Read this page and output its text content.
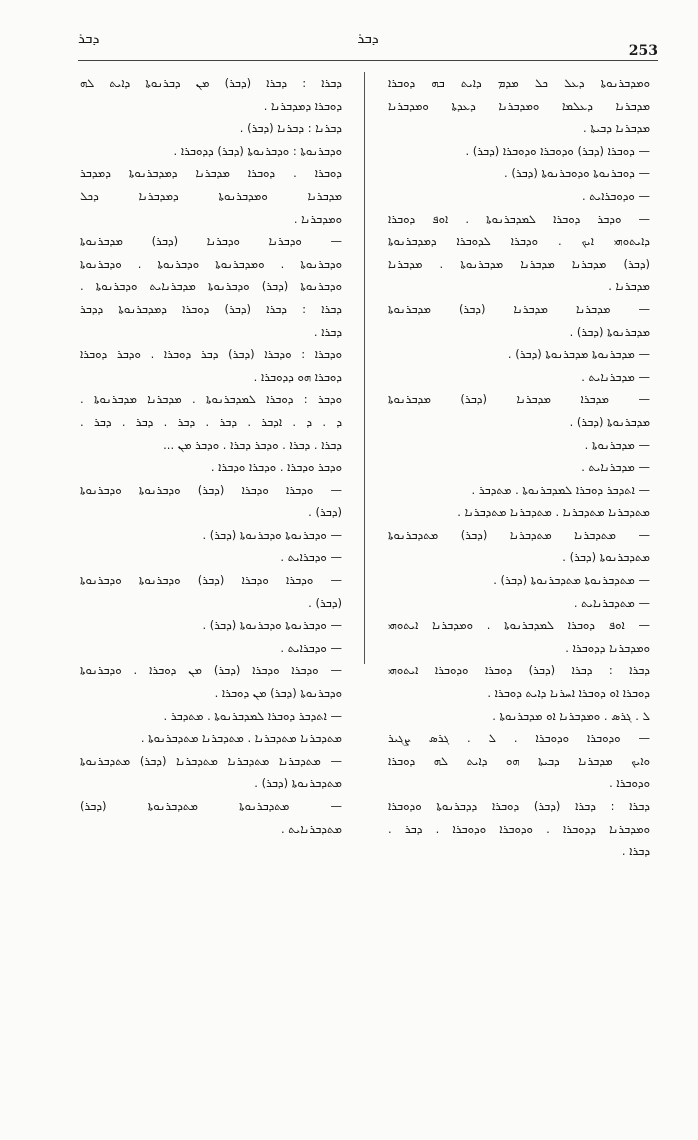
ܕܒܪ	ܕܒܪ
253
ܘܡܕܒܪܢܘܬܐ ܕܥܠ ܟܠ ܡܕܡ ܕܐܝܬ ܒܗ ܕܘܒܪܐ
ܡܕܒܪܢܐ ܕܥܠܡܐ ܘܡܕܒܪܢܐ ܕܥܕܬܐ ܘܡܕܒܪܢܐ
ܡܕܒܪܢܐ ܕܒܝܬܐ .
— ܕܘܒܪܐ (ܕܒܪ) ܘܕܘܒܪܐ ܘܕܘܒܪܐ (ܕܒܪ) .
— ܕܘܒܪܢܘܬܐ ܘܕܘܒܪܢܘܬܐ (ܕܒܪ) .
— ܘܕܘܒܪܐܝܬ .
— ܘܕܒܪ ܕܘܒܪܐ ܠܡܕܒܪܢܘܬܐ . ܐܘܦ ܕܘܒܪܐ
ܕܐܝܬܘܗܝ ܐܝܟ . ܘܕܒܪܐ ܠܕܘܒܪܐ ܕܡܕܒܪܢܘܬܐ
(ܕܒܪ) ܡܕܒܪܢܐ ܡܕܒܪܢܐ ܡܕܒܪܢܘܬܐ . ܡܕܒܪܢܐ
ܡܕܒܪܢܐ .
— ܡܕܒܪܢܐ ܡܕܒܪܢܐ (ܕܒܪ) ܡܕܒܪܢܘܬܐ
ܡܕܒܪܢܘܬܐ (ܕܒܪ) .
— ܡܕܒܪܢܘܬܐ ܡܕܒܪܢܘܬܐ (ܕܒܪ) .
— ܡܕܒܪܢܐܝܬ .
— ܡܕܒܪܐ ܡܕܒܪܢܐ (ܕܒܪ) ܡܕܒܪܢܘܬܐ
ܡܕܒܪܢܘܬܐ (ܕܒܪ) .
— ܡܕܒܪܢܘܬܐ .
— ܡܕܒܪܢܐܝܬ .
— ܐܬܕܒܪ ܕܘܒܪܐ ܠܡܕܒܪܢܘܬܐ . ܡܬܕܒܪ .
ܡܬܕܒܪܢܐ ܡܬܕܒܪܢܐ . ܡܬܕܒܪܢܐ ܡܬܕܒܪܢܐ .
— ܡܬܕܒܪܢܐ ܡܬܕܒܪܢܐ (ܕܒܪ) ܡܬܕܒܪܢܘܬܐ
ܡܬܕܒܪܢܘܬܐ (ܕܒܪ) .
— ܡܬܕܒܪܢܘܬܐ ܡܬܕܒܪܢܘܬܐ (ܕܒܪ) .
— ܡܬܕܒܪܢܐܝܬ .
— ܐܘܦ ܕܘܒܪܐ ܠܡܕܒܪܢܘܬܐ . ܘܡܕܒܪܢܐ ܐܝܬܘܗܝ
ܘܡܕܒܪܢܐ ܕܕܘܒܪܐ .
ܕܒܪܐ : ܕܒܪܐ (ܕܒܪ) ܕܘܒܪܐ ܘܕܘܒܪܐ ܐܝܬܘܗܝ
ܕܘܒܪܐ ܐܘ ܕܘܒܪܐ ܐܚܪܢܐ ܕܐܝܬ ܕܘܒܪܐ .
ܠ . ܓܪܣ . ܘܡܕܒܪܢܐ ܐܘ ܡܕܒܪܢܘܬܐ .
— ܘܕܘܒܪܐ ܘܕܘܒܪܐ . ܠ . ܓܪܣ ܨܓܝܪ
ܘܐܝܟ ܡܕܒܪܢܐ ܕܒܝܬܐ ܗܘ ܕܐܝܬ ܠܗ ܕܘܒܪܐ
ܘܕܘܒܪܐ .
ܕܒܪܐ : ܕܒܪܐ (ܕܒܪ) ܕܘܒܪܐ ܕܕܒܪܢܘܬܐ ܘܕܘܒܪܐ
ܘܡܕܒܪܢܐ ܕܕܘܒܪܐ . ܘܕܘܒܪܐ ܘܕܘܒܪܐ . ܕܒܪ .
ܕܒܪܐ .
ܕܒܪܐ : ܕܒܪܐ (ܕܒܪ) ܡܢ ܕܒܪܢܘܬܐ ܕܐܝܬ ܠܗ
ܕܘܒܪܐ ܕܡܕܒܪܢܐ .
ܕܒܪܢܐ : ܕܒܪܢܐ (ܕܒܪ) .
ܘܕܒܪܢܘܬܐ : ܘܕܒܪܢܘܬܐ (ܕܒܪ) ܕܕܘܒܪܐ .
ܕܘܒܪܐ . ܕܘܒܪܐ ܡܕܒܪܢܐ ܕܡܕܒܪܢܘܬܐ ܕܡܕܒܪ
ܡܕܒܪܢܐ ܘܡܕܒܪܢܘܬܐ ܕܡܕܒܪܢܐ ܕܟܠ
ܘܡܕܒܪܢܐ .
— ܘܕܒܪܢܐ ܘܕܒܪܢܐ (ܕܒܪ) ܡܕܒܪܢܘܬܐ
ܘܕܒܪܢܘܬܐ . ܘܡܕܒܪܢܘܬܐ ܘܕܒܪܢܘܬܐ . ܘܕܒܪܢܘܬܐ
ܘܕܒܪܢܘܬܐ (ܕܒܪ) ܘܕܒܪܢܘܬܐ ܡܕܒܪܢܐܝܬ ܘܕܒܪܢܘܬܐ .
ܕܒܪܐ : ܕܒܪܐ (ܕܒܪ) ܕܘܒܪܐ ܕܡܕܒܪܢܘܬܐ ܕܕܒܪ
ܕܒܪܐ .
ܘܕܒܪܐ : ܘܕܒܪܐ (ܕܒܪ) ܕܒܪ ܕܘܒܪܐ . ܘܕܒܪ ܕܘܒܪܐ
ܕܘܒܪܐ ܗܘ ܕܕܘܒܪܐ .
ܘܕܒܪ : ܕܘܒܪܐ ܠܡܕܒܪܢܘܬܐ . ܡܕܒܪܢܐ ܡܕܒܪܢܘܬܐ .
ܕ . ܕ . ܐܕܒܪ . ܕܒܪ . ܕܒܪ . ܕܒܪ . ܕܒܪ .
ܕܒܪܐ . ܕܒܪܐ . ܘܕܒܪ ܕܒܪܐ . ܘܕܒܪ ܡܢ ...
ܘܕܒܪ ܘܕܒܪܐ . ܘܕܒܪܐ ܘܕܒܪܐ .
— ܘܕܒܪܐ ܘܕܒܪܐ (ܕܒܪ) ܘܕܒܪܢܘܬܐ ܘܕܒܪܢܘܬܐ
(ܕܒܪ) .
— ܘܕܒܪܢܘܬܐ ܘܕܒܪܢܘܬܐ (ܕܒܪ) .
— ܘܕܒܪܐܝܬ .
— ܘܕܒܪܐ ܘܕܒܪܐ (ܕܒܪ) ܘܕܒܪܢܘܬܐ ܘܕܒܪܢܘܬܐ
(ܕܒܪ) .
— ܘܕܒܪܢܘܬܐ ܘܕܒܪܢܘܬܐ (ܕܒܪ) .
— ܘܕܒܪܐܝܬ .
— ܘܕܒܪܐ ܘܕܒܪܐ (ܕܒܪ) ܡܢ ܕܘܒܪܐ . ܘܕܒܪܢܘܬܐ
ܘܕܒܪܢܘܬܐ (ܕܒܪ) ܡܢ ܕܘܒܪܐ .
— ܐܬܕܒܪ ܕܘܒܪܐ ܠܡܕܒܪܢܘܬܐ . ܡܬܕܒܪ .
ܡܬܕܒܪܢܐ ܡܬܕܒܪܢܐ . ܡܬܕܒܪܢܐ ܡܬܕܒܪܢܘܬܐ .
— ܡܬܕܒܪܢܐ ܡܬܕܒܪܢܐ ܡܬܕܒܪܢܐ (ܕܒܪ) ܡܬܕܒܪܢܘܬܐ
ܡܬܕܒܪܢܘܬܐ (ܕܒܪ) .
— ܡܬܕܒܪܢܘܬܐ ܡܬܕܒܪܢܘܬܐ (ܕܒܪ)
ܡܬܕܒܪܢܐܝܬ .
